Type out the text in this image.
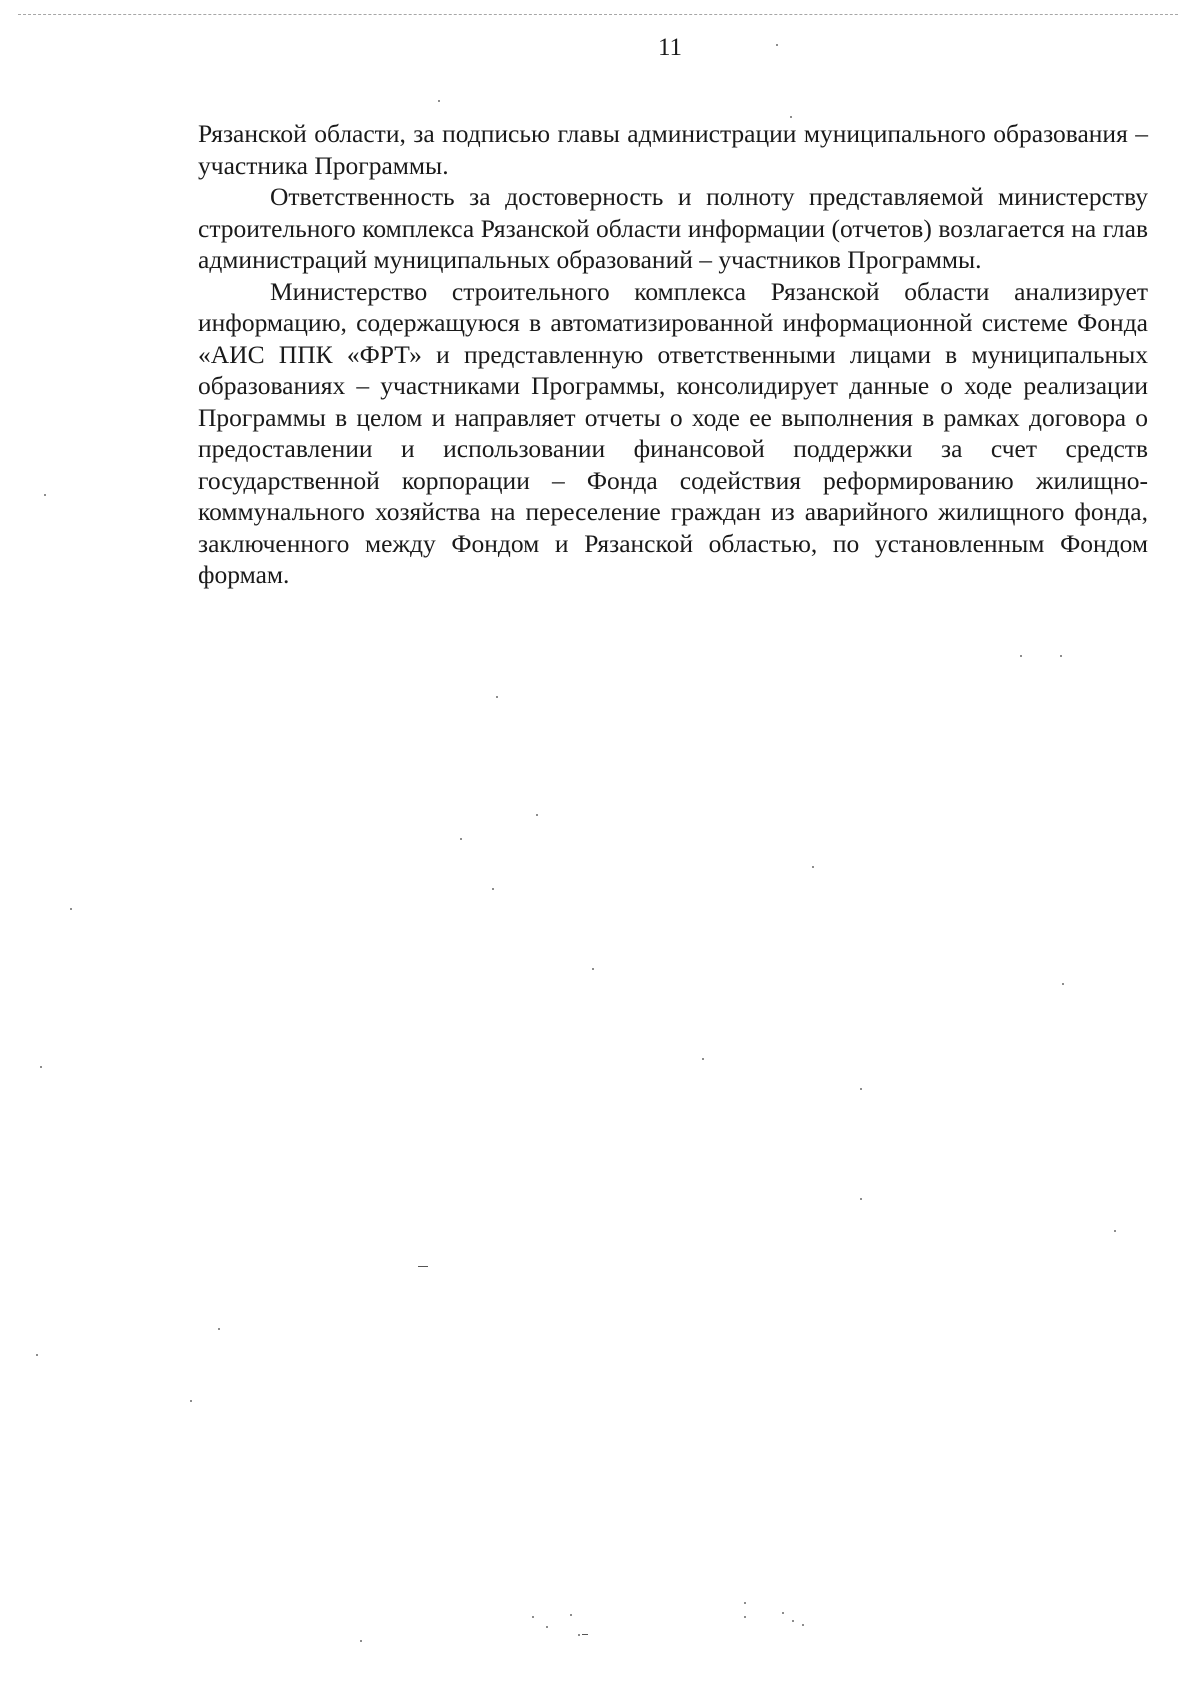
11

Рязанской области, за подписью главы администрации муниципального образования – участника Программы.

Ответственность за достоверность и полноту представляемой министерству строительного комплекса Рязанской области информации (отчетов) возлагается на глав администраций муниципальных образований – участников Программы.

Министерство строительного комплекса Рязанской области анализирует информацию, содержащуюся в автоматизированной информационной системе Фонда «АИС ППК «ФРТ» и представленную ответственными лицами в муниципальных образованиях – участниками Программы, консолидирует данные о ходе реализации Программы в целом и направляет отчеты о ходе ее выполнения в рамках договора о предоставлении и использовании финансовой поддержки за счет средств государственной корпорации – Фонда содействия реформированию жилищно-коммунального хозяйства на переселение граждан из аварийного жилищного фонда, заключенного между Фондом и Рязанской областью, по установленным Фондом формам.
